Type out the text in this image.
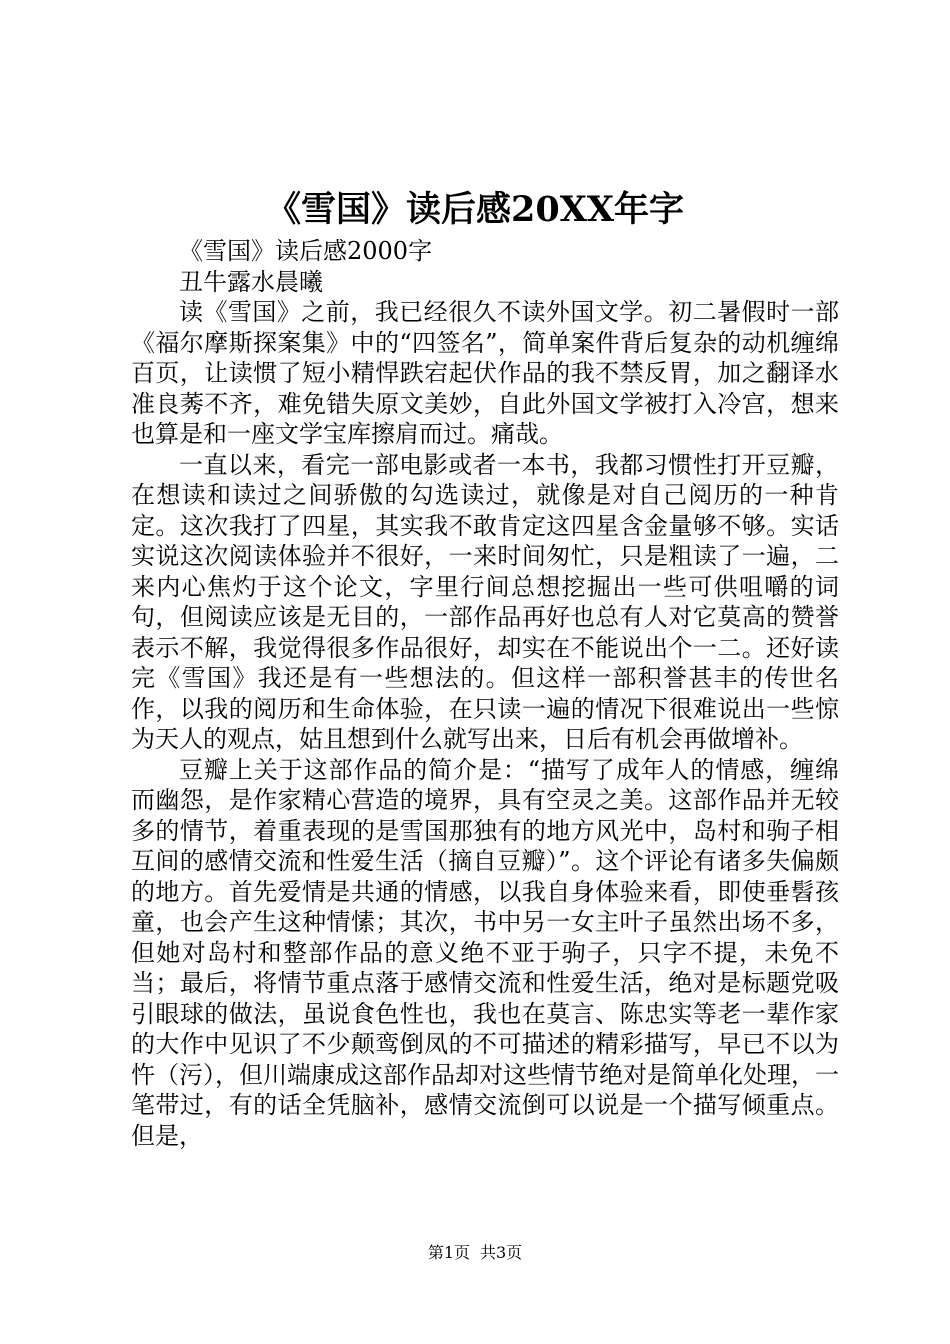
《雪国》读后感20XX年字

《雪国》读后感2000字

丑牛露水晨曦

读《雪国》之前，我已经很久不读外国文学。初二暑假时一部《福尔摩斯探案集》中的“四签名”，简单案件背后复杂的动机缠绵百页，让读惯了短小精悍跌宕起伏作品的我不禁反胃，加之翻译水准良莠不齐，难免错失原文美妙，自此外国文学被打入冷宫，想来也算是和一座文学宝库擦肩而过。痛哉。

一直以来，看完一部电影或者一本书，我都习惯性打开豆瓣，在想读和读过之间骄傲的勾选读过，就像是对自己阅历的一种肯定。这次我打了四星，其实我不敢肯定这四星含金量够不够。实话实说这次阅读体验并不很好，一来时间匆忙，只是粗读了一遍，二来内心焦灼于这个论文，字里行间总想挖掘出一些可供咀嚼的词句，但阅读应该是无目的，一部作品再好也总有人对它莫高的赞誉表示不解，我觉得很多作品很好，却实在不能说出个一二。还好读完《雪国》我还是有一些想法的。但这样一部积誉甚丰的传世名作，以我的阅历和生命体验，在只读一遍的情况下很难说出一些惊为天人的观点，姑且想到什么就写出来，日后有机会再做增补。

豆瓣上关于这部作品的简介是：“描写了成年人的情感，缠绵而幽怨，是作家精心营造的境界，具有空灵之美。这部作品并无较多的情节，着重表现的是雪国那独有的地方风光中，岛村和驹子相互间的感情交流和性爱生活（摘自豆瓣）”。这个评论有诸多失偏颇的地方。首先爱情是共通的情感，以我自身体验来看，即使垂髫孩童，也会产生这种情愫；其次，书中另一女主叶子虽然出场不多，但她对岛村和整部作品的意义绝不亚于驹子，只字不提，未免不当；最后，将情节重点落于感情交流和性爱生活，绝对是标题党吸引眼球的做法，虽说食色性也，我也在莫言、陈忠实等老一辈作家的大作中见识了不少颠鸾倒凤的不可描述的精彩描写，早已不以为忤（污），但川端康成这部作品却对这些情节绝对是简单化处理，一笔带过，有的话全凭脑补，感情交流倒可以说是一个描写倾重点。但是，

第1页 共3页
